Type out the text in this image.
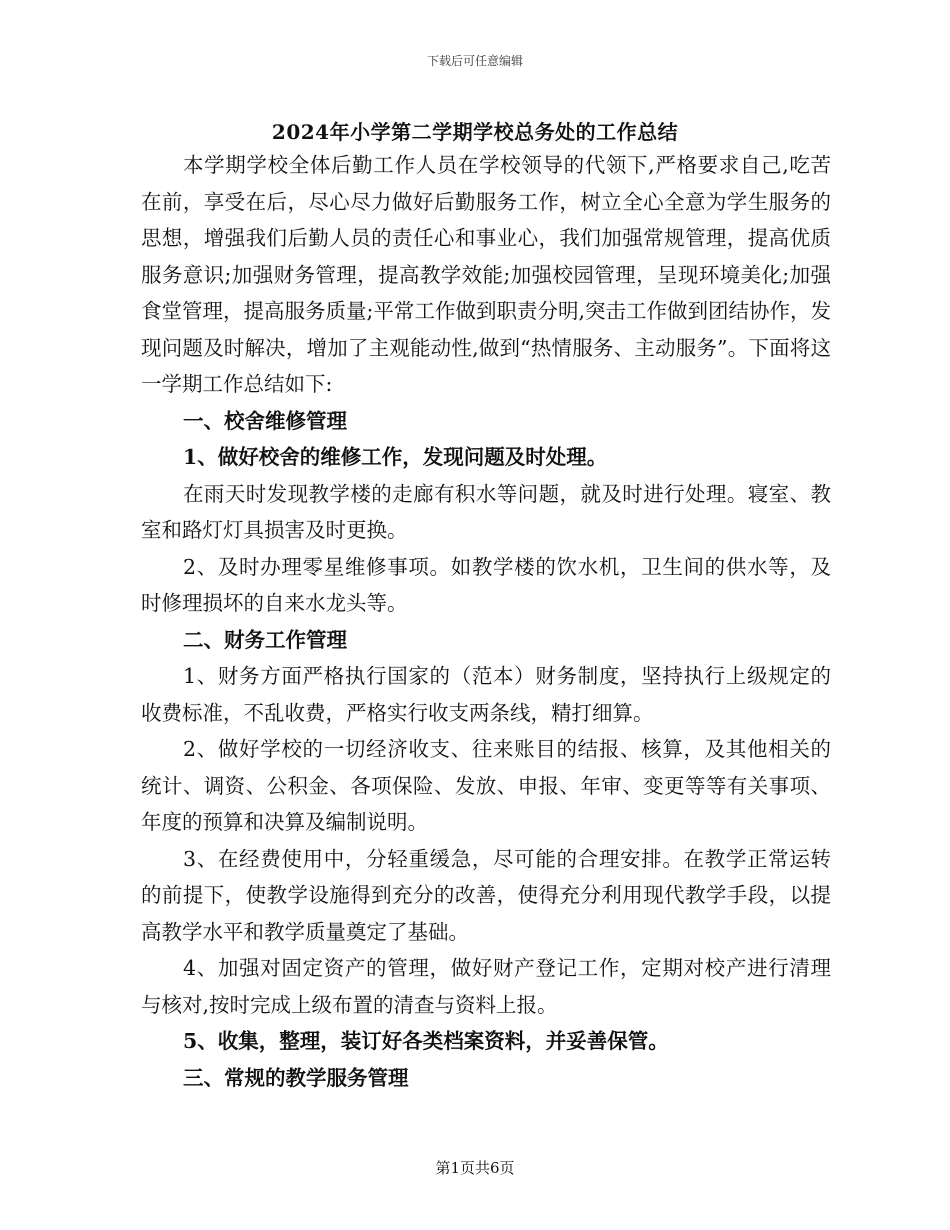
下载后可任意编辑
2024年小学第二学期学校总务处的工作总结

本学期学校全体后勤工作人员在学校领导的代领下,严格要求自己,吃苦在前，享受在后，尽心尽力做好后勤服务工作，树立全心全意为学生服务的思想，增强我们后勤人员的责任心和事业心，我们加强常规管理，提高优质服务意识;加强财务管理，提高教学效能;加强校园管理，呈现环境美化;加强食堂管理，提高服务质量;平常工作做到职责分明,突击工作做到团结协作，发现问题及时解决，增加了主观能动性,做到“热情服务、主动服务”。下面将这一学期工作总结如下:

一、校舍维修管理

1、做好校舍的维修工作，发现问题及时处理。

在雨天时发现教学楼的走廊有积水等问题，就及时进行处理。寝室、教室和路灯灯具损害及时更换。

2、及时办理零星维修事项。如教学楼的饮水机，卫生间的供水等，及时修理损坏的自来水龙头等。

二、财务工作管理

1、财务方面严格执行国家的（范本）财务制度，坚持执行上级规定的收费标准，不乱收费，严格实行收支两条线，精打细算。

2、做好学校的一切经济收支、往来账目的结报、核算，及其他相关的统计、调资、公积金、各项保险、发放、申报、年审、变更等等有关事项、年度的预算和决算及编制说明。

3、在经费使用中，分轻重缓急，尽可能的合理安排。在教学正常运转的前提下，使教学设施得到充分的改善，使得充分利用现代教学手段，以提高教学水平和教学质量奠定了基础。

4、加强对固定资产的管理，做好财产登记工作，定期对校产进行清理与核对,按时完成上级布置的清查与资料上报。

5、收集，整理，装订好各类档案资料，并妥善保管。

三、常规的教学服务管理

第1页共6页
